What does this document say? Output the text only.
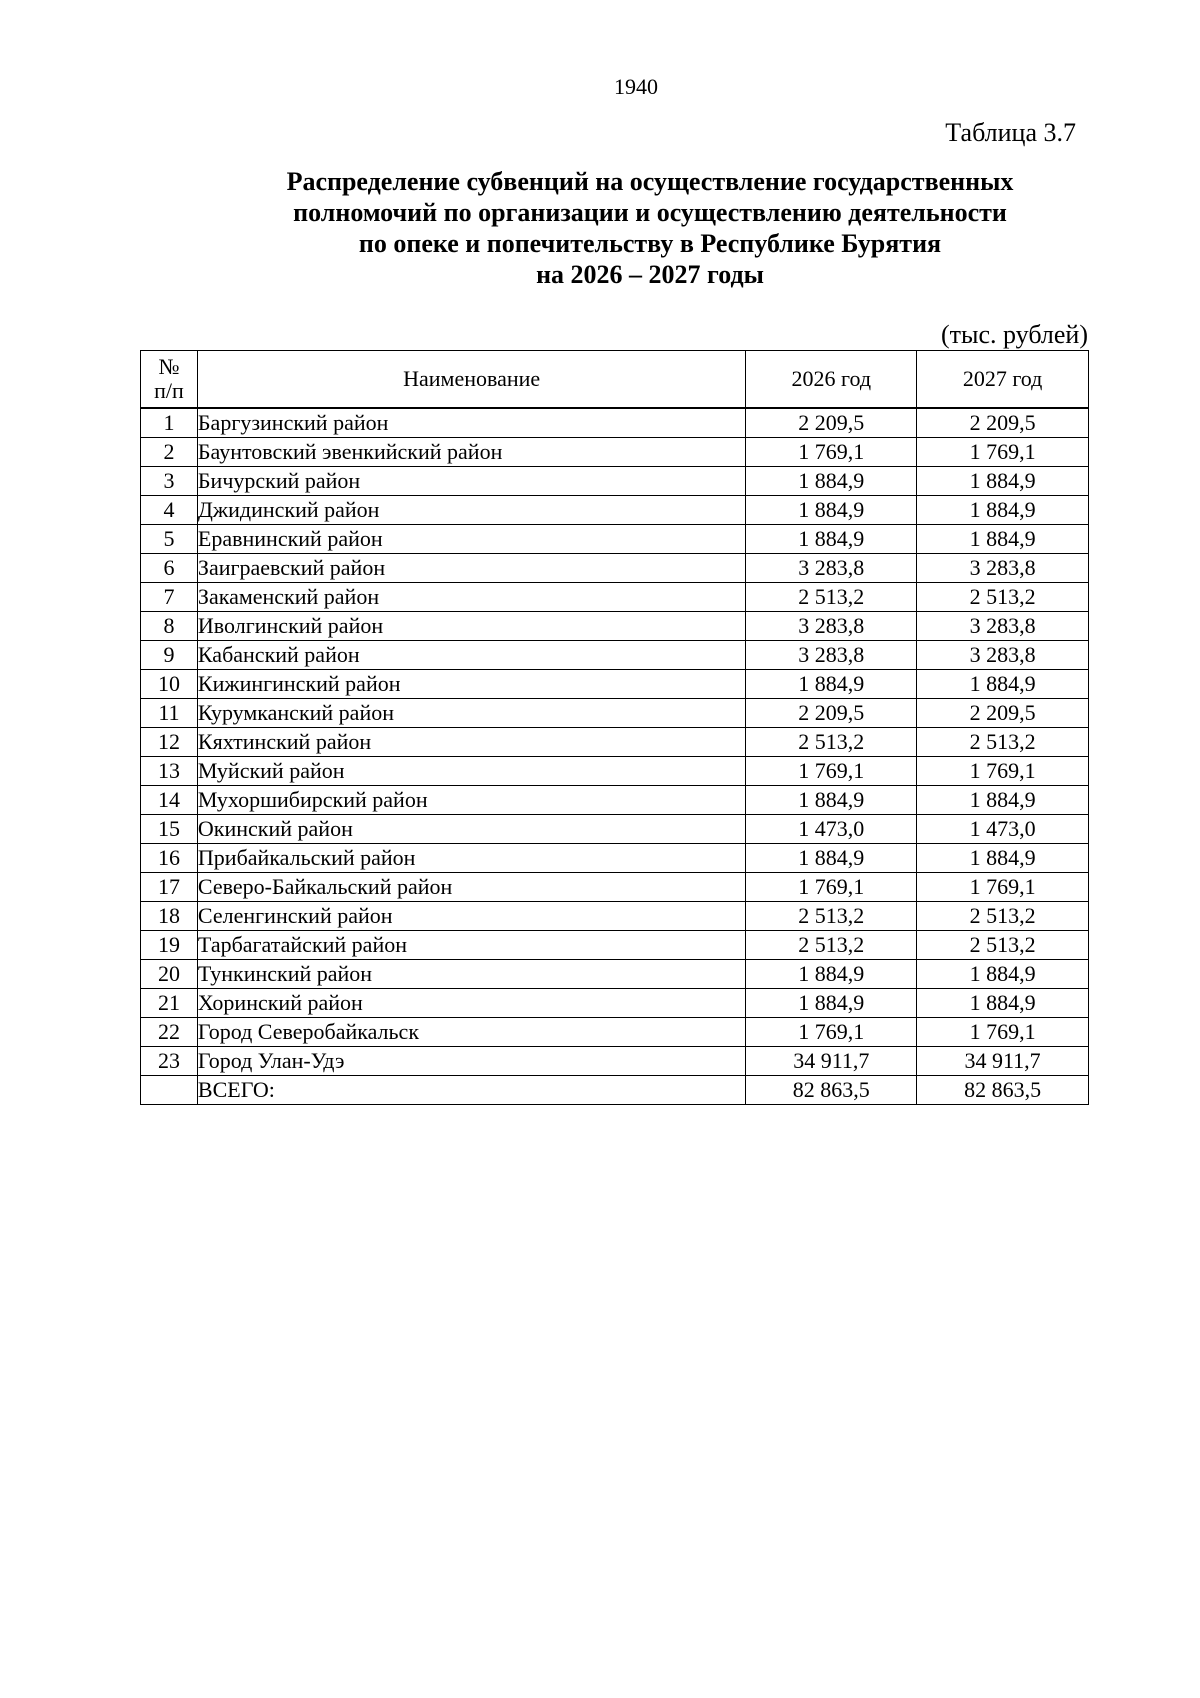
1940
Таблица 3.7
Распределение субвенций на осуществление государственных
полномочий по организации и осуществлению деятельности
по опеке и попечительству в Республике Бурятия
на 2026 – 2027 годы
(тыс. рублей)
№
п/п	Наименование	2026 год	2027 год
1	Баргузинский район	2 209,5	2 209,5
2	Баунтовский эвенкийский район	1 769,1	1 769,1
3	Бичурский район	1 884,9	1 884,9
4	Джидинский район	1 884,9	1 884,9
5	Еравнинский район	1 884,9	1 884,9
6	Заиграевский район	3 283,8	3 283,8
7	Закаменский район	2 513,2	2 513,2
8	Иволгинский район	3 283,8	3 283,8
9	Кабанский район	3 283,8	3 283,8
10	Кижингинский район	1 884,9	1 884,9
11	Курумканский район	2 209,5	2 209,5
12	Кяхтинский район	2 513,2	2 513,2
13	Муйский район	1 769,1	1 769,1
14	Мухоршибирский район	1 884,9	1 884,9
15	Окинский район	1 473,0	1 473,0
16	Прибайкальский район	1 884,9	1 884,9
17	Северо-Байкальский район	1 769,1	1 769,1
18	Селенгинский район	2 513,2	2 513,2
19	Тарбагатайский район	2 513,2	2 513,2
20	Тункинский район	1 884,9	1 884,9
21	Хоринский район	1 884,9	1 884,9
22	Город Северобайкальск	1 769,1	1 769,1
23	Город Улан-Удэ	34 911,7	34 911,7
	ВСЕГО:	82 863,5	82 863,5
